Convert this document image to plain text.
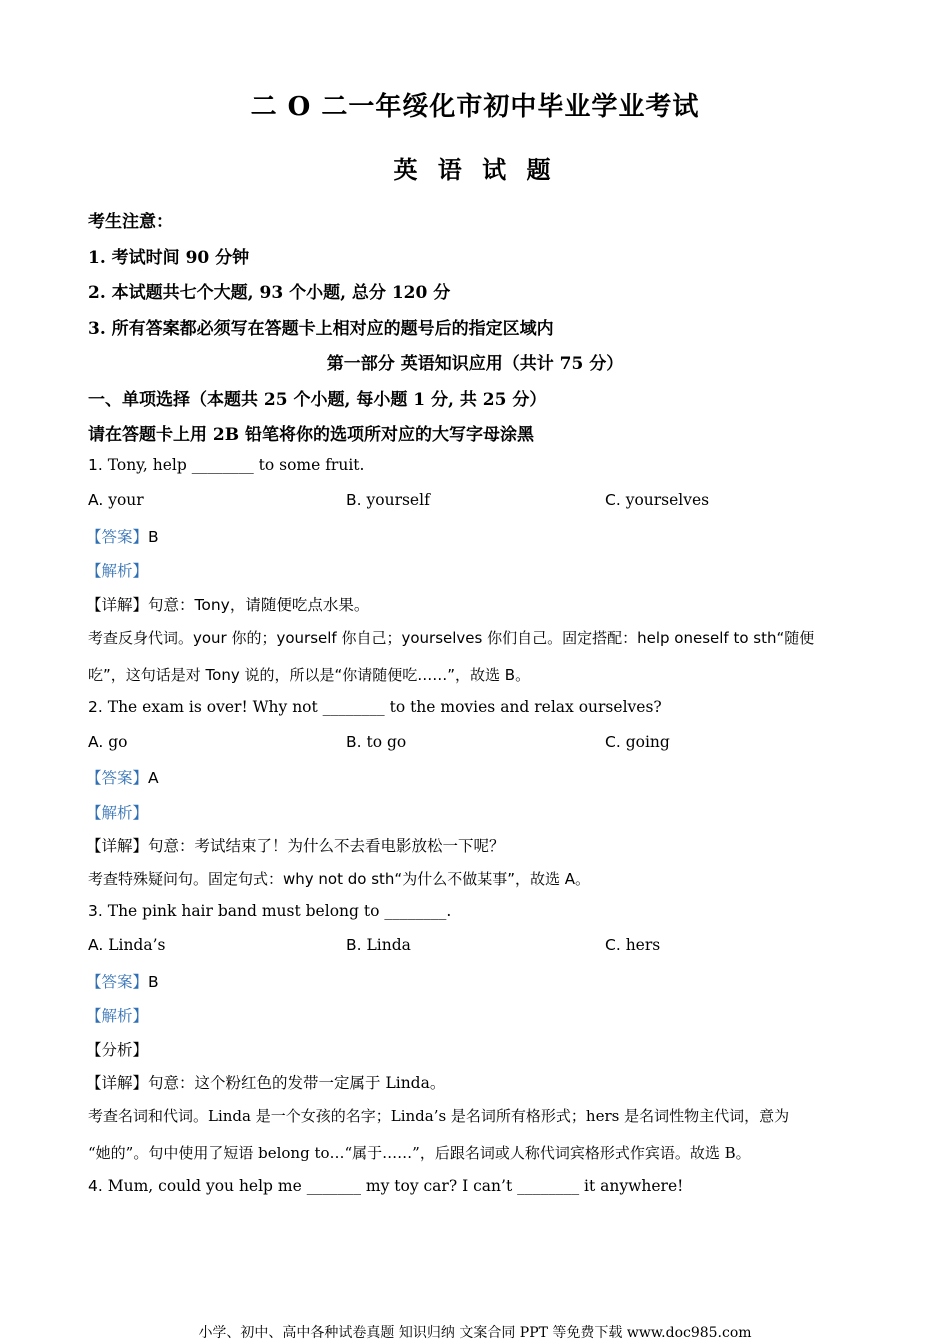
二 O 二一年绥化市初中毕业学业考试
英 语 试 题
考生注意：
1. 考试时间 90 分钟
2. 本试题共七个大题, 93 个小题, 总分 120 分
3. 所有答案都必须写在答题卡上相对应的题号后的指定区域内
第一部分 英语知识应用（共计 75 分）
一、单项选择（本题共 25 个小题, 每小题 1 分, 共 25 分）
请在答题卡上用 2B 铅笔将你的选项所对应的大写字母涂黑
1. Tony, help ________ to some fruit.
A. your	B. yourself	C. yourselves
【答案】B
【解析】
【详解】句意：Tony，请随便吃点水果。
考查反身代词。your 你的；yourself 你自己；yourselves 你们自己。固定搭配：help oneself to sth“随便
吃”，这句话是对 Tony 说的，所以是“你请随便吃……”，故选 B。
2. The exam is over! Why not ________ to the movies and relax ourselves?
A. go	B. to go	C. going
【答案】A
【解析】
【详解】句意：考试结束了！为什么不去看电影放松一下呢？
考查特殊疑问句。固定句式：why not do sth“为什么不做某事”，故选 A。
3. The pink hair band must belong to ________.
A. Linda’s	B. Linda	C. hers
【答案】B
【解析】
【分析】
【详解】句意：这个粉红色的发带一定属于 Linda。
考查名词和代词。Linda 是一个女孩的名字；Linda’s 是名词所有格形式；hers 是名词性物主代词，意为
“她的”。句中使用了短语 belong to…“属于……”，后跟名词或人称代词宾格形式作宾语。故选 B。
4. Mum, could you help me _______ my toy car? I can’t ________ it anywhere!
小学、初中、高中各种试卷真题 知识归纳 文案合同 PPT 等免费下载 www.doc985.com
